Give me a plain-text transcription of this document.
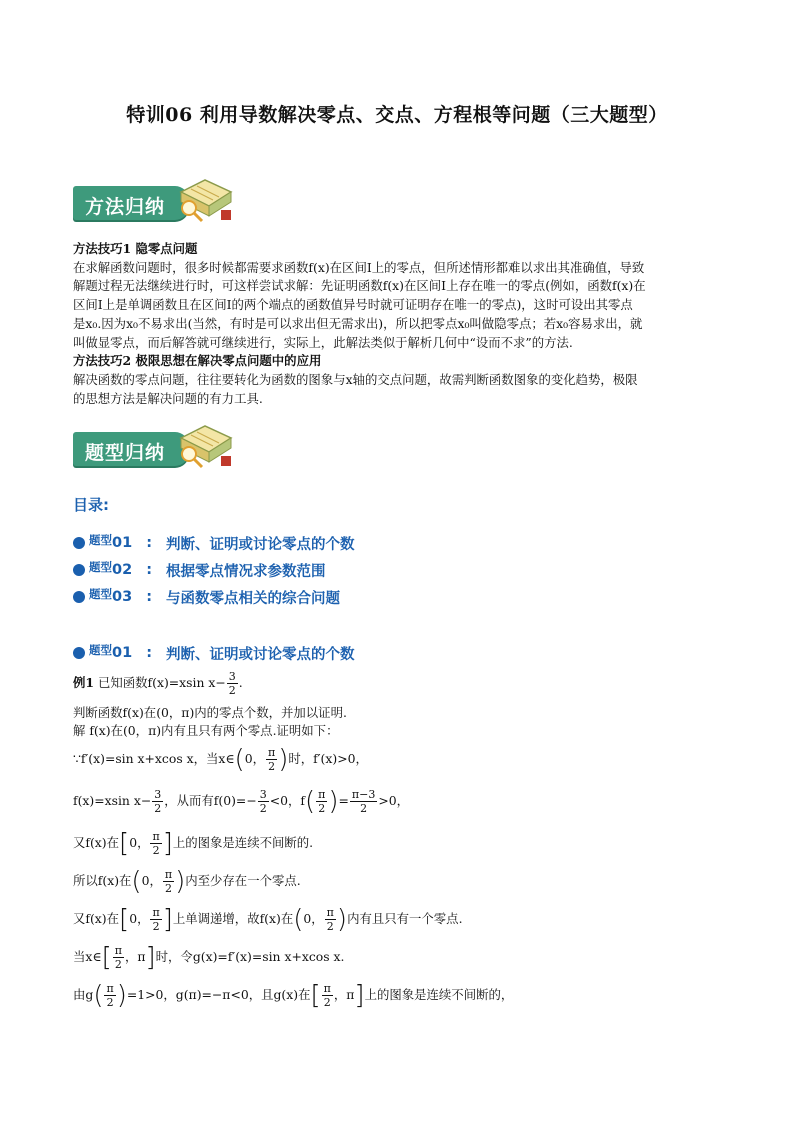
特训06 利用导数解决零点、交点、方程根等问题（三大题型）
方法归纳

方法技巧1 隐零点问题

在求解函数问题时，很多时候都需要求函数f(x)在区间I上的零点，但所述情形都难以求出其准确值，导致

解题过程无法继续进行时，可这样尝试求解：先证明函数f(x)在区间I上存在唯一的零点(例如，函数f(x)在

区间I上是单调函数且在区间I的两个端点的函数值异号时就可证明存在唯一的零点)，这时可设出其零点

是x₀.因为x₀不易求出(当然，有时是可以求出但无需求出)，所以把零点x₀叫做隐零点；若x₀容易求出，就

叫做显零点，而后解答就可继续进行，实际上，此解法类似于解析几何中“设而不求”的方法.

方法技巧2 极限思想在解决零点问题中的应用

解决函数的零点问题，往往要转化为函数的图象与x轴的交点问题，故需判断函数图象的变化趋势，极限

的思想方法是解决问题的有力工具.

题型归纳
目录:
题型 01 : 判断、证明或讨论零点的个数
题型 02 : 根据零点情况求参数范围
题型 03 : 与函数零点相关的综合问题
题型 01 : 判断、证明或讨论零点的个数
例1 已知函数f(x)=xsin $x- \frac{3}{2}$ .
判断函数f(x)在(0，π)内的零点个数，并加以证明.
解 f(x)在(0，π)内有且只有两个零点.证明如下：
∵f′(x)=sin x+xcos x，当x∈(0， $\frac{\pi}{2}$ )时，f′(x)>0，
f(x)=xsin $x- \frac{3}{2}$ ，从而有$f(0)=- \frac{3}{2} <0$，$f( \frac{\pi}{2}$ )= $\frac{\pi-3}{2} >0$，
又f(x)在[0， $\frac{\pi}{2}$ ]上的图象是连续不间断的.
所以f(x)在(0， $\frac{\pi}{2}$ )内至少存在一个零点.
又f(x)在[0， $\frac{\pi}{2}$ ]上单调递增，故f(x)在(0， $\frac{\pi}{2}$ )内有且只有一个零点.
当x∈[ $\frac{\pi}{2}$ ，π]时，令g(x)=f′(x)=sin x+xcos x.
由$g( \frac{\pi}{2} )=1>0$，g(π)=−π<0，且g(x)在[ $\frac{\pi}{2}$ ，π]上的图象是连续不间断的，
